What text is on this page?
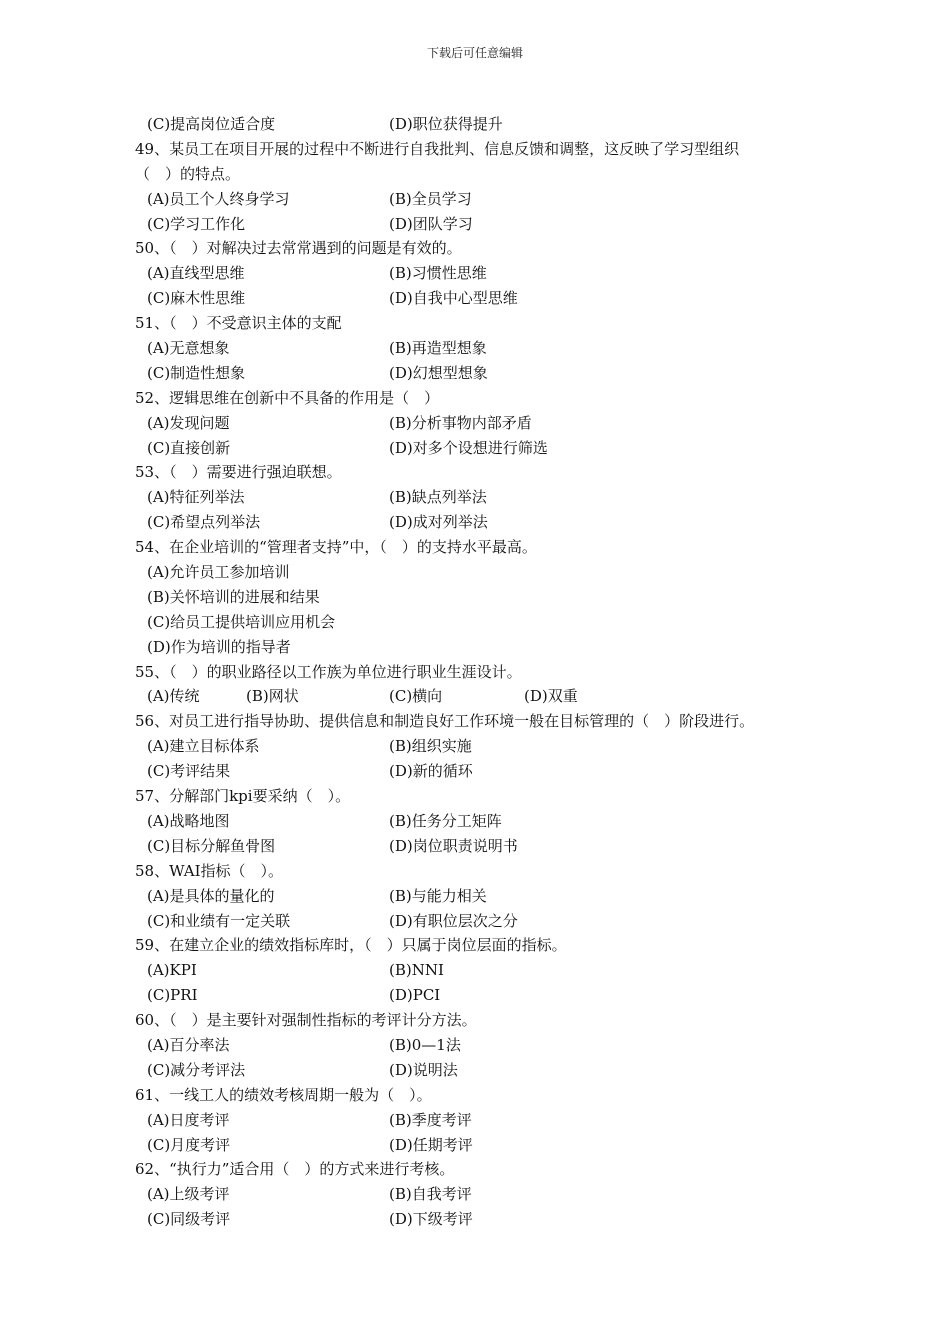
下载后可任意编辑
(C)提高岗位适合度	(D)职位获得提升
49、某员工在项目开展的过程中不断进行自我批判、信息反馈和调整，这反映了学习型组织
（　）的特点。
(A)员工个人终身学习	(B)全员学习
(C)学习工作化	(D)团队学习
50、（　）对解决过去常常遇到的问题是有效的。
(A)直线型思维	(B)习惯性思维
(C)麻木性思维	(D)自我中心型思维
51、（　）不受意识主体的支配
(A)无意想象	(B)再造型想象
(C)制造性想象	(D)幻想型想象
52、逻辑思维在创新中不具备的作用是（　）
(A)发现问题	(B)分析事物内部矛盾
(C)直接创新	(D)对多个设想进行筛选
53、（　）需要进行强迫联想。
(A)特征列举法	(B)缺点列举法
(C)希望点列举法	(D)成对列举法
54、在企业培训的“管理者支持”中，（　）的支持水平最高。
(A)允许员工参加培训
(B)关怀培训的进展和结果
(C)给员工提供培训应用机会
(D)作为培训的指导者
55、（　）的职业路径以工作族为单位进行职业生涯设计。
(A)传统	(B)网状	(C)横向	(D)双重
56、对员工进行指导协助、提供信息和制造良好工作环境一般在目标管理的（　）阶段进行。
(A)建立目标体系	(B)组织实施
(C)考评结果	(D)新的循环
57、分解部门kpi要采纳（　）。
(A)战略地图	(B)任务分工矩阵
(C)目标分解鱼骨图	(D)岗位职责说明书
58、WAI指标（　）。
(A)是具体的量化的	(B)与能力相关
(C)和业绩有一定关联	(D)有职位层次之分
59、在建立企业的绩效指标库时，（　）只属于岗位层面的指标。
(A)KPI	(B)NNI
(C)PRI	(D)PCI
60、（　）是主要针对强制性指标的考评计分方法。
(A)百分率法	(B)0—1法
(C)减分考评法	(D)说明法
61、一线工人的绩效考核周期一般为（　）。
(A)日度考评	(B)季度考评
(C)月度考评	(D)任期考评
62、“执行力”适合用（　）的方式来进行考核。
(A)上级考评	(B)自我考评
(C)同级考评	(D)下级考评
